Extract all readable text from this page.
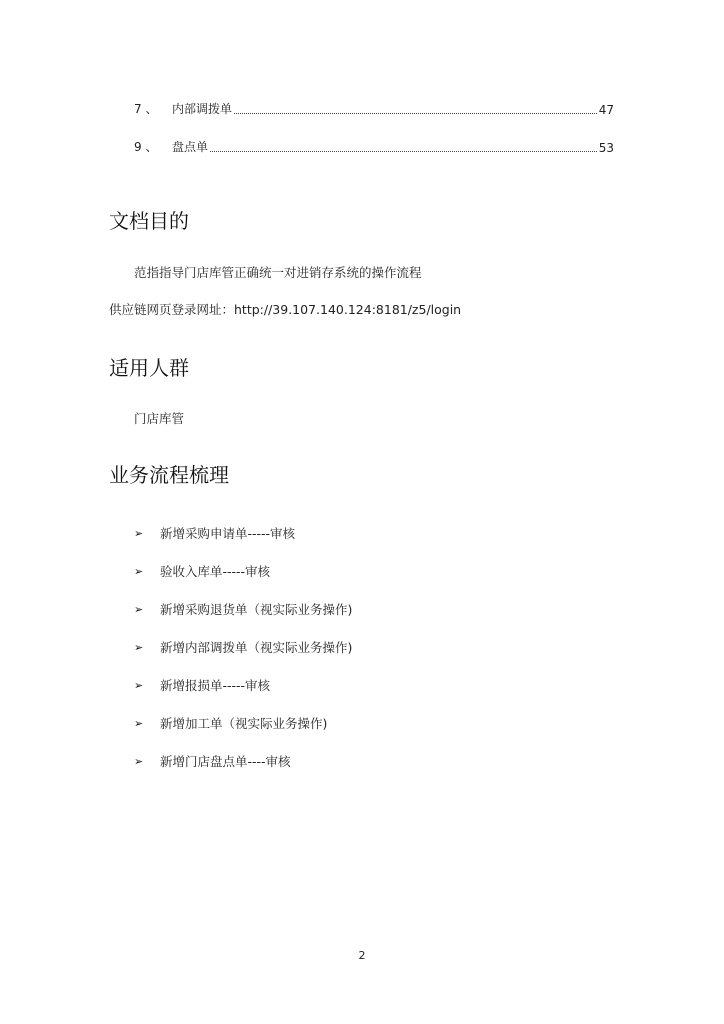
7 、	内部调拨单	47
9 、	盘点单	53
文档目的
范指指导门店库管正确统一对进销存系统的操作流程
供应链网页登录网址：http://39.107.140.124:8181/z5/login
适用人群
门店库管
业务流程梳理
➢	新增采购申请单-----审核
➢	验收入库单-----审核
➢	新增采购退货单（视实际业务操作)
➢	新增内部调拨单（视实际业务操作)
➢	新增报损单-----审核
➢	新增加工单（视实际业务操作)
➢	新增门店盘点单----审核
2
